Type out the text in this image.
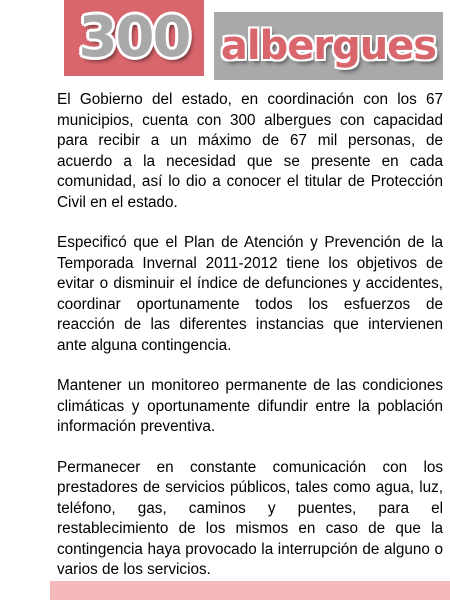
300 albergues

El Gobierno del estado, en coordinación con los 67 municipios, cuenta con 300 albergues con capacidad para recibir a un máximo de 67 mil personas, de acuerdo a la necesidad que se presente en cada comunidad, así lo dio a conocer el titular de Protección Civil en el estado.

Especificó que el Plan de Atención y Prevención de la Temporada Invernal 2011-2012 tiene los objetivos de evitar o disminuir el índice de defunciones y accidentes, coordinar oportunamente todos los esfuerzos de reacción de las diferentes instancias que intervienen ante alguna contingencia.

Mantener un monitoreo permanente de las condiciones climáticas y oportunamente difundir entre la población información preventiva.

Permanecer en constante comunicación con los prestadores de servicios públicos, tales como agua, luz, teléfono, gas, caminos y puentes, para el restablecimiento de los mismos en caso de que la contingencia haya provocado la interrupción de alguno o varios de los servicios.
